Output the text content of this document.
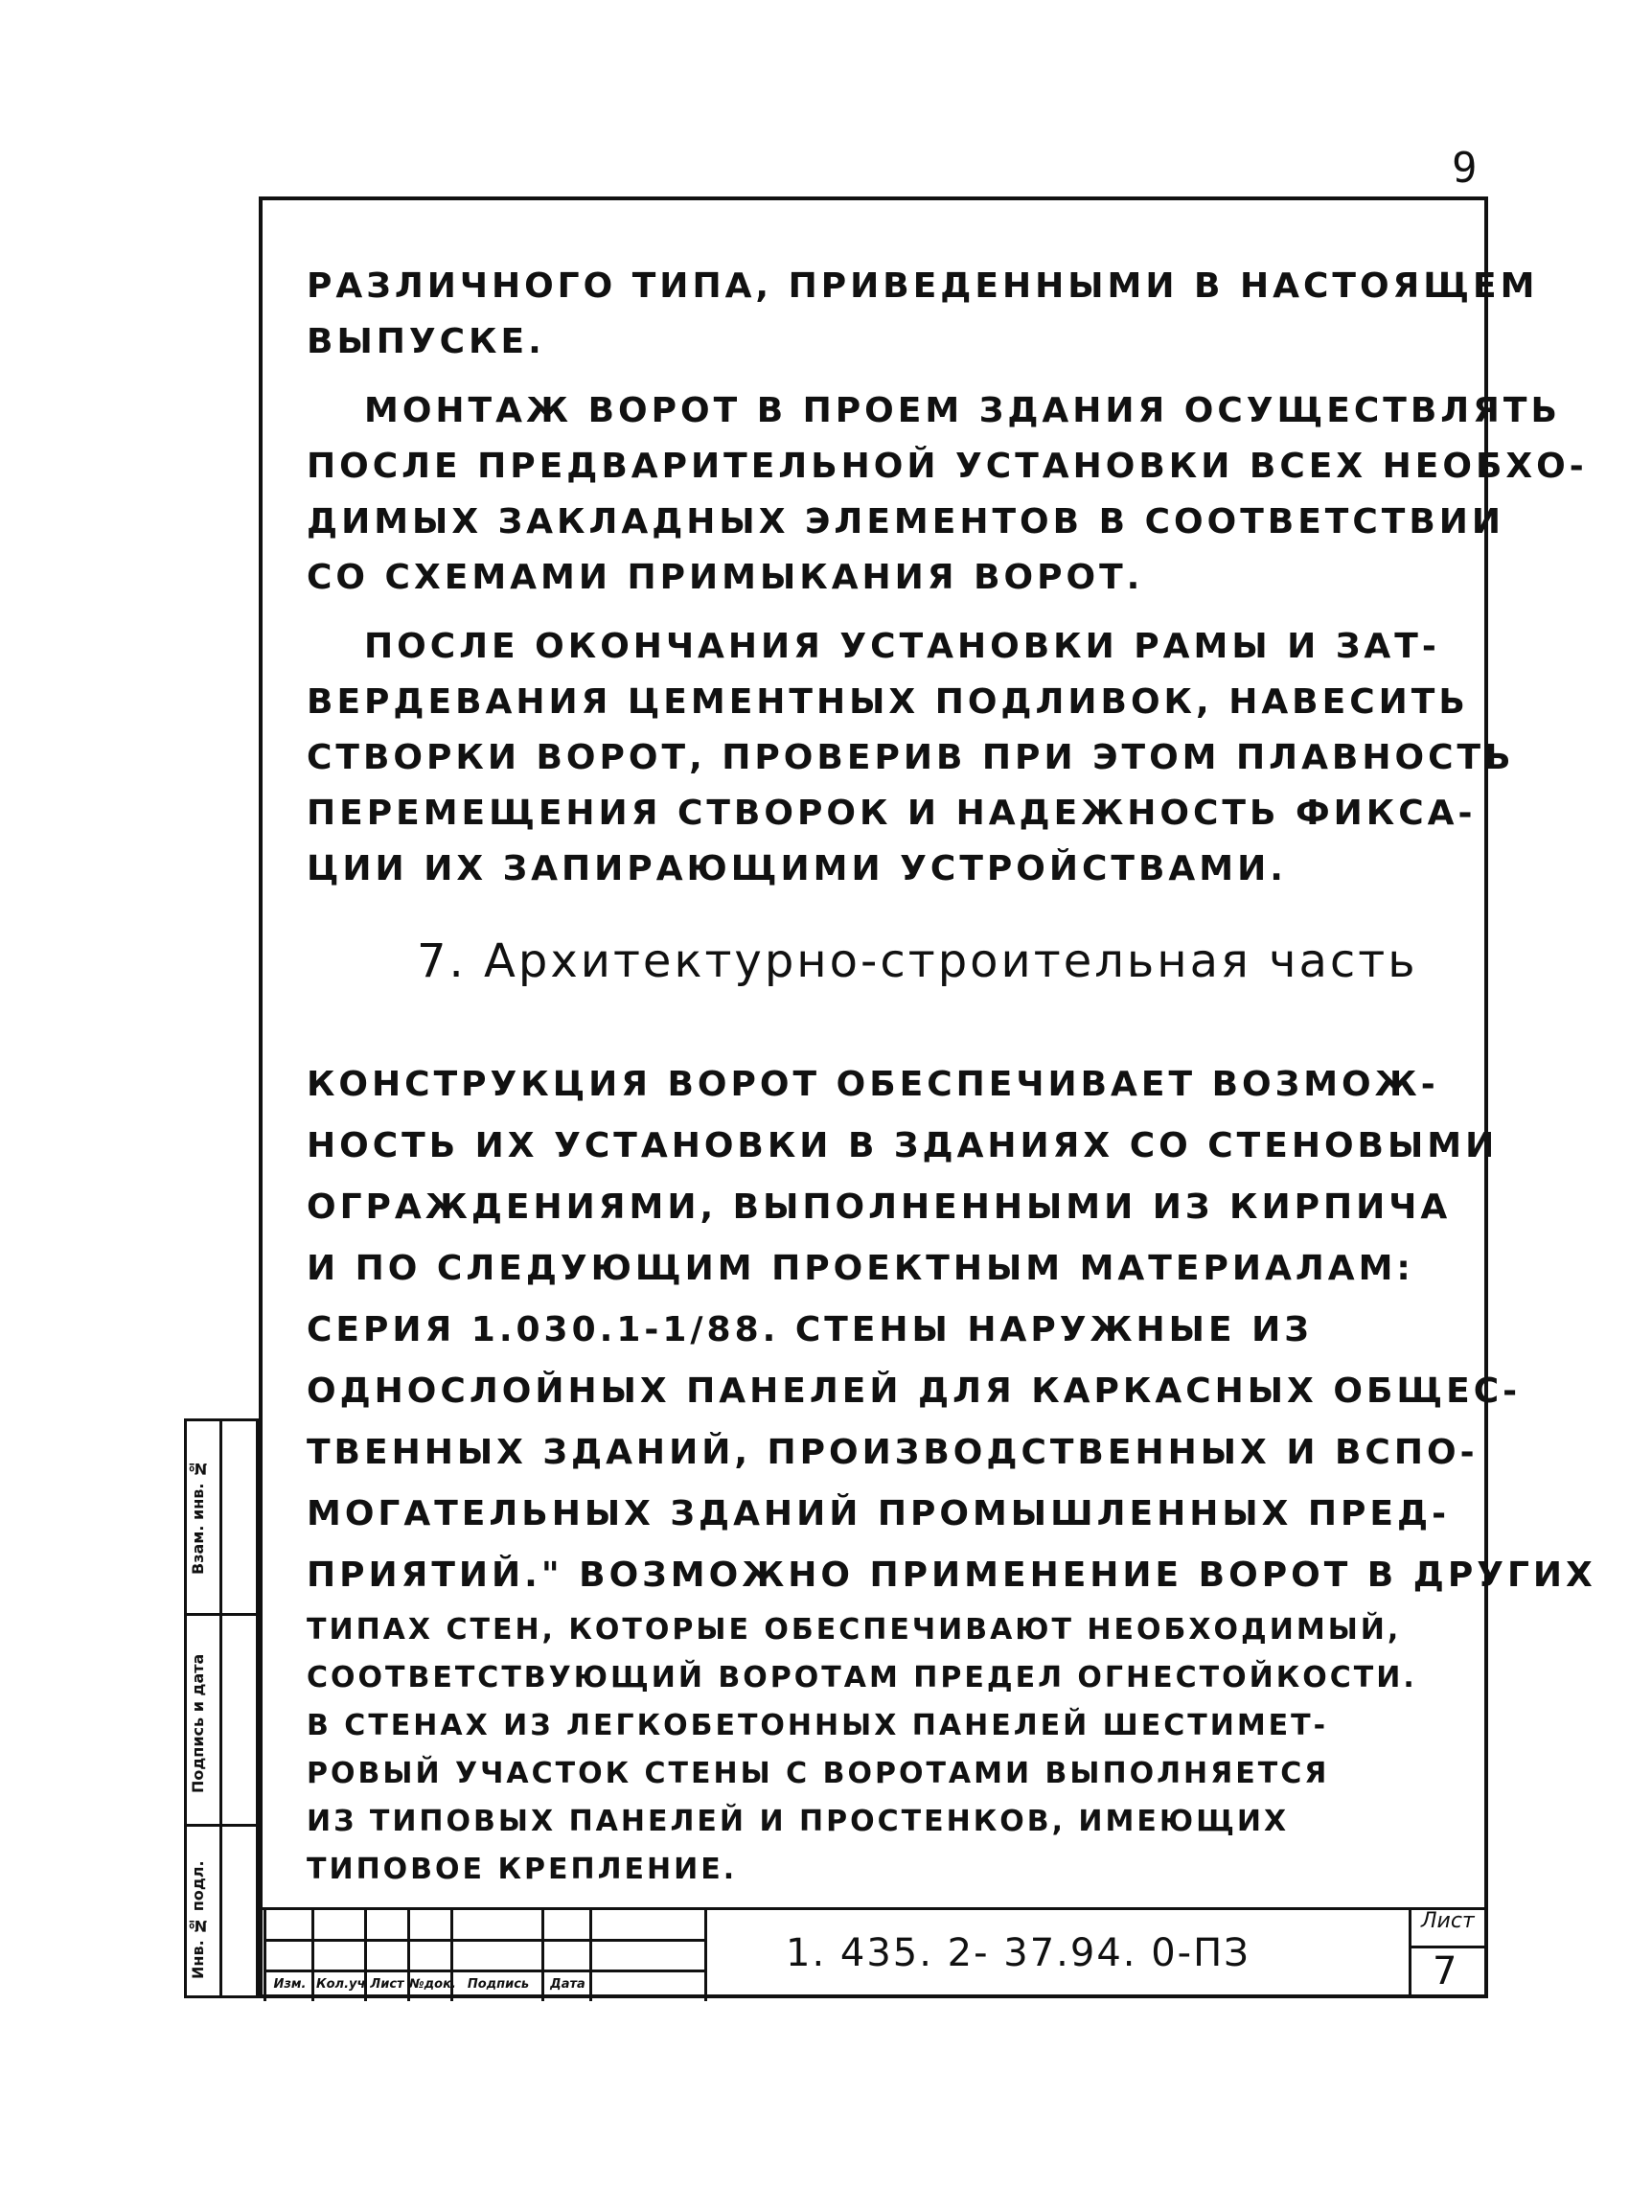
9
РАЗЛИЧНОГО ТИПА, ПРИВЕДЕННЫМИ В НАСТОЯЩЕМ
ВЫПУСКЕ.
МОНТАЖ ВОРОТ В ПРОЕМ ЗДАНИЯ ОСУЩЕСТВЛЯТЬ
ПОСЛЕ ПРЕДВАРИТЕЛЬНОЙ УСТАНОВКИ ВСЕХ НЕОБХО-
ДИМЫХ ЗАКЛАДНЫХ ЭЛЕМЕНТОВ В СООТВЕТСТВИИ
СО СХЕМАМИ ПРИМЫКАНИЯ ВОРОТ.
ПОСЛЕ ОКОНЧАНИЯ УСТАНОВКИ РАМЫ И ЗАТ-
ВЕРДЕВАНИЯ ЦЕМЕНТНЫХ ПОДЛИВОК, НАВЕСИТЬ
СТВОРКИ ВОРОТ, ПРОВЕРИВ ПРИ ЭТОМ ПЛАВНОСТЬ
ПЕРЕМЕЩЕНИЯ СТВОРОК И НАДЕЖНОСТЬ ФИКСА-
ЦИИ ИХ ЗАПИРАЮЩИМИ УСТРОЙСТВАМИ.
7. Архитектурно-строительная часть
КОНСТРУКЦИЯ ВОРОТ ОБЕСПЕЧИВАЕТ ВОЗМОЖ-
НОСТЬ ИХ УСТАНОВКИ В ЗДАНИЯХ СО СТЕНОВЫМИ
ОГРАЖДЕНИЯМИ, ВЫПОЛНЕННЫМИ ИЗ КИРПИЧА
И ПО СЛЕДУЮЩИМ ПРОЕКТНЫМ МАТЕРИАЛАМ:
СЕРИЯ 1.030.1-1/88. СТЕНЫ НАРУЖНЫЕ ИЗ
ОДНОСЛОЙНЫХ ПАНЕЛЕЙ ДЛЯ КАРКАСНЫХ ОБЩЕС-
ТВЕННЫХ ЗДАНИЙ, ПРОИЗВОДСТВЕННЫХ И ВСПО-
МОГАТЕЛЬНЫХ ЗДАНИЙ ПРОМЫШЛЕННЫХ ПРЕД-
ПРИЯТИЙ." ВОЗМОЖНО ПРИМЕНЕНИЕ ВОРОТ В ДРУГИХ
ТИПАХ СТЕН, КОТОРЫЕ ОБЕСПЕЧИВАЮТ НЕОБХОДИМЫЙ,
СООТВЕТСТВУЮЩИЙ ВОРОТАМ ПРЕДЕЛ ОГНЕСТОЙКОСТИ.
В СТЕНАХ ИЗ ЛЕГКОБЕТОННЫХ ПАНЕЛЕЙ ШЕСТИМЕТ-
РОВЫЙ УЧАСТОК СТЕНЫ С ВОРОТАМИ ВЫПОЛНЯЕТСЯ
ИЗ ТИПОВЫХ ПАНЕЛЕЙ И ПРОСТЕНКОВ, ИМЕЮЩИХ
ТИПОВОЕ КРЕПЛЕНИЕ.
Инв. № подл.
Подпись и дата
Взам. инв. №
Изм. Кол.уч Лист №док. Подпись	Дата
1. 435. 2- 37.94. 0-ПЗ
Лист
7
